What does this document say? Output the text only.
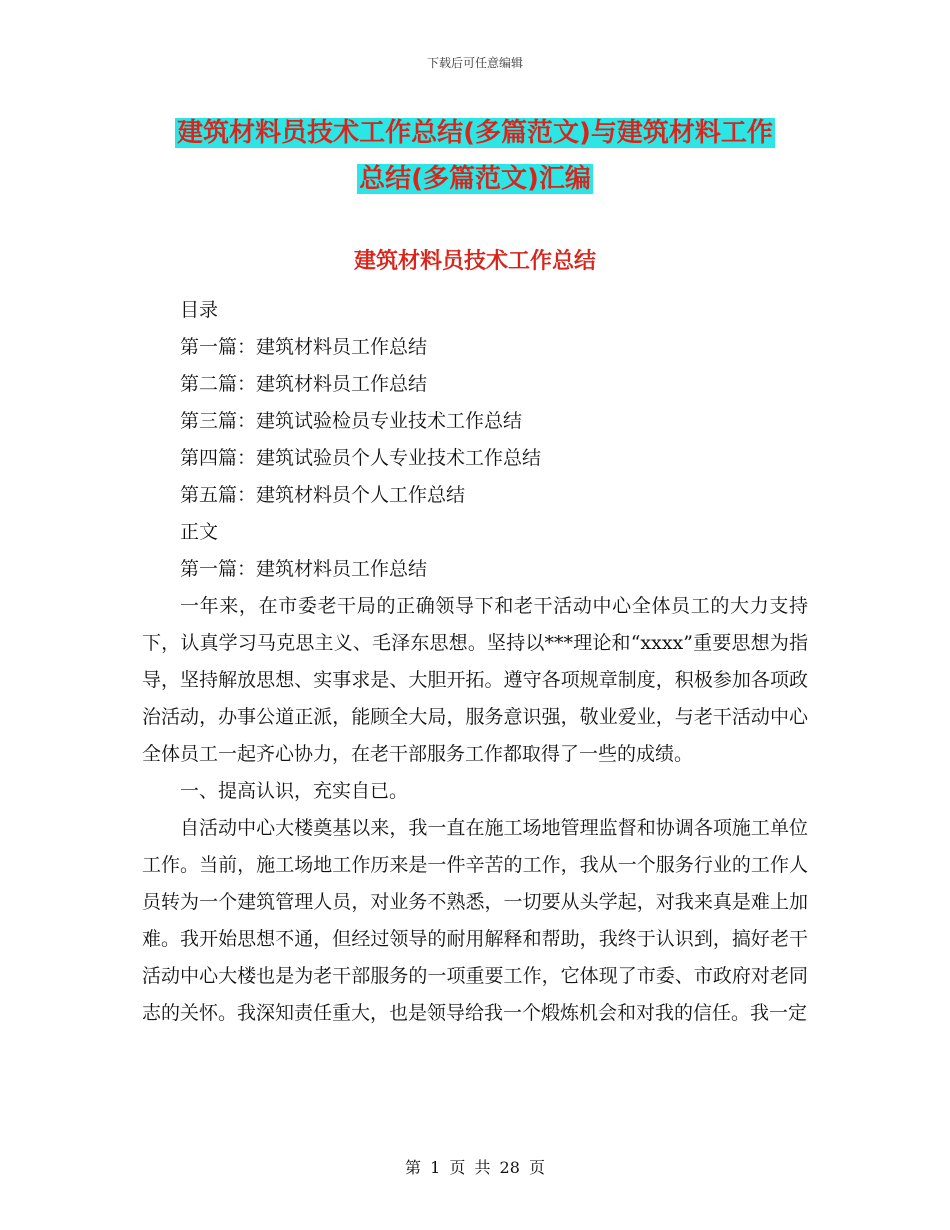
下载后可任意编辑
建筑材料员技术工作总结(多篇范文)与建筑材料工作
总结(多篇范文)汇编
建筑材料员技术工作总结

目录

第一篇：建筑材料员工作总结

第二篇：建筑材料员工作总结

第三篇：建筑试验检员专业技术工作总结

第四篇：建筑试验员个人专业技术工作总结

第五篇：建筑材料员个人工作总结

正文

第一篇：建筑材料员工作总结

一年来，在市委老干局的正确领导下和老干活动中心全体员工的大力支持下，认真学习马克思主义、毛泽东思想。坚持以***理论和“xxxx”重要思想为指导，坚持解放思想、实事求是、大胆开拓。遵守各项规章制度，积极参加各项政治活动，办事公道正派，能顾全大局，服务意识强，敬业爱业，与老干活动中心全体员工一起齐心协力，在老干部服务工作都取得了一些的成绩。

一、提高认识，充实自已。

自活动中心大楼奠基以来，我一直在施工场地管理监督和协调各项施工单位工作。当前，施工场地工作历来是一件辛苦的工作，我从一个服务行业的工作人员转为一个建筑管理人员，对业务不熟悉，一切要从头学起，对我来真是难上加难。我开始思想不通，但经过领导的耐用解释和帮助，我终于认识到，搞好老干活动中心大楼也是为老干部服务的一项重要工作，它体现了市委、市政府对老同志的关怀。我深知责任重大，也是领导给我一个煅炼机会和对我的信任。我一定

第 1 页 共 28 页
